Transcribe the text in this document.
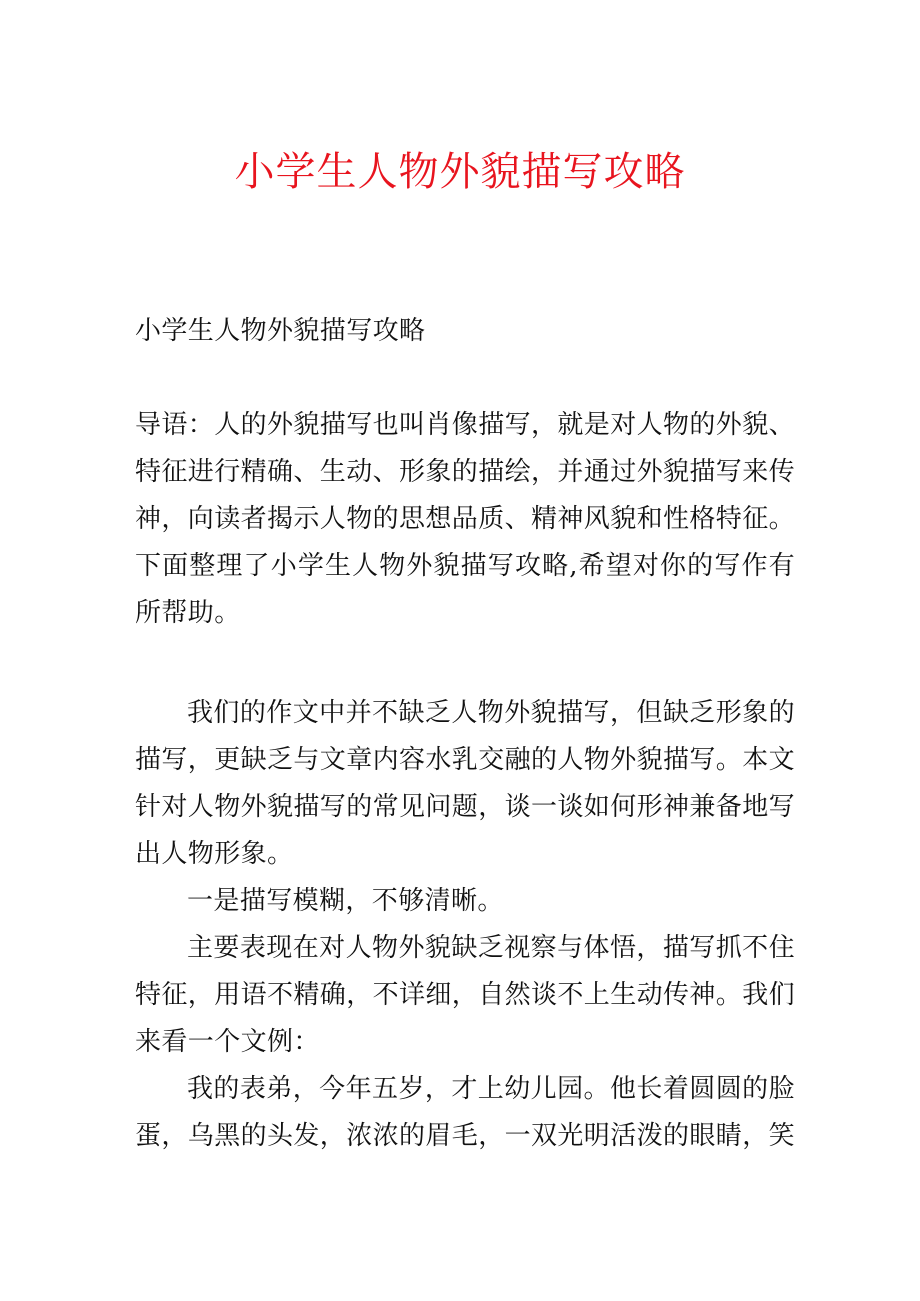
小学生人物外貌描写攻略

小学生人物外貌描写攻略

导语：人的外貌描写也叫肖像描写，就是对人物的外貌、特征进行精确、生动、形象的描绘，并通过外貌描写来传神，向读者揭示人物的思想品质、精神风貌和性格特征。下面整理了小学生人物外貌描写攻略,希望对你的写作有所帮助。

我们的作文中并不缺乏人物外貌描写，但缺乏形象的描写，更缺乏与文章内容水乳交融的人物外貌描写。本文针对人物外貌描写的常见问题，谈一谈如何形神兼备地写出人物形象。

一是描写模糊，不够清晰。

主要表现在对人物外貌缺乏视察与体悟，描写抓不住特征，用语不精确，不详细，自然谈不上生动传神。我们来看一个文例：

我的表弟，今年五岁，才上幼儿园。他长着圆圆的脸蛋，乌黑的头发，浓浓的眉毛，一双光明活泼的眼睛，笑
